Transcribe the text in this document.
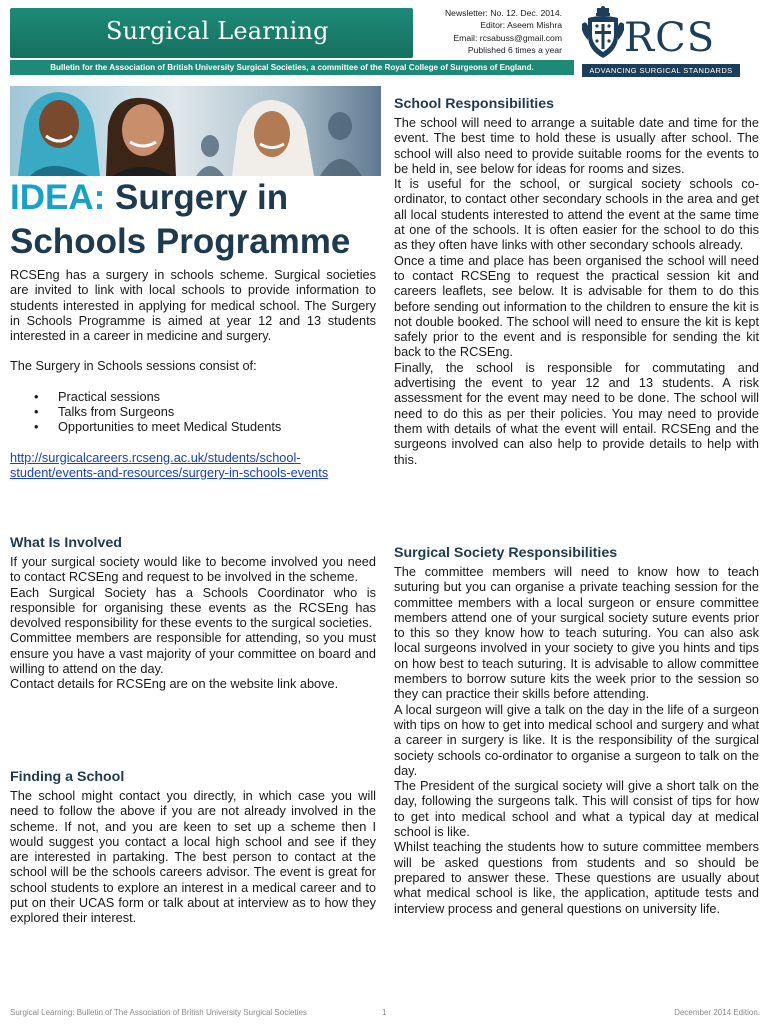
Surgical Learning
Newsletter: No. 12. Dec. 2014.
Editor: Aseem Mishra
Email: rcsabuss@gmail.com
Published 6 times a year RCS
ADVANCING SURGICAL STANDARDS
Bulletin for the Association of British University Surgical Societies, a committee of the Royal College of Surgeons of England.
IDEA: Surgery in
Schools Programme

RCSEng has a surgery in schools scheme. Surgical societies are invited to link with local schools to provide information to students interested in applying for medical school. The Surgery in Schools Programme is aimed at year 12 and 13 students interested in a career in medicine and surgery.

The Surgery in Schools sessions consist of:

• Practical sessions
• Talks from Surgeons
• Opportunities to meet Medical Students
http://surgicalcareers.rcseng.ac.uk/students/school-
student/events-and-resources/surgery-in-schools-events
What Is Involved
If your surgical society would like to become involved you need to contact RCSEng and request to be involved in the scheme.
Each Surgical Society has a Schools Coordinator who is responsible for organising these events as the RCSEng has devolved responsibility for these events to the surgical societies.
Committee members are responsible for attending, so you must ensure you have a vast majority of your committee on board and willing to attend on the day.
Contact details for RCSEng are on the website link above.
Finding a School
The school might contact you directly, in which case you will need to follow the above if you are not already involved in the scheme. If not, and you are keen to set up a scheme then I would suggest you contact a local high school and see if they are interested in partaking. The best person to contact at the school will be the schools careers advisor. The event is great for school students to explore an interest in a medical career and to put on their UCAS form or talk about at interview as to how they explored their interest.
School Responsibilities
The school will need to arrange a suitable date and time for the event. The best time to hold these is usually after school. The school will also need to provide suitable rooms for the events to be held in, see below for ideas for rooms and sizes.
It is useful for the school, or surgical society schools co-ordinator, to contact other secondary schools in the area and get all local students interested to attend the event at the same time at one of the schools. It is often easier for the school to do this as they often have links with other secondary schools already.
Once a time and place has been organised the school will need to contact RCSEng to request the practical session kit and careers leaflets, see below. It is advisable for them to do this before sending out information to the children to ensure the kit is not double booked. The school will need to ensure the kit is kept safely prior to the event and is responsible for sending the kit back to the RCSEng.
Finally, the school is responsible for commutating and advertising the event to year 12 and 13 students. A risk assessment for the event may need to be done. The school will need to do this as per their policies. You may need to provide them with details of what the event will entail. RCSEng and the surgeons involved can also help to provide details to help with this.
Surgical Society Responsibilities
The committee members will need to know how to teach suturing but you can organise a private teaching session for the committee members with a local surgeon or ensure committee members attend one of your surgical society suture events prior to this so they know how to teach suturing. You can also ask local surgeons involved in your society to give you hints and tips on how best to teach suturing. It is advisable to allow committee members to borrow suture kits the week prior to the session so they can practice their skills before attending.
A local surgeon will give a talk on the day in the life of a surgeon with tips on how to get into medical school and surgery and what a career in surgery is like. It is the responsibility of the surgical society schools co-ordinator to organise a surgeon to talk on the day.
The President of the surgical society will give a short talk on the day, following the surgeons talk. This will consist of tips for how to get into medical school and what a typical day at medical school is like.
Whilst teaching the students how to suture committee members will be asked questions from students and so should be prepared to answer these. These questions are usually about what medical school is like, the application, aptitude tests and interview process and general questions on university life.
Surgical Learning: Bulletin of The Association of British University Surgical Societies	1	December 2014 Edition.
